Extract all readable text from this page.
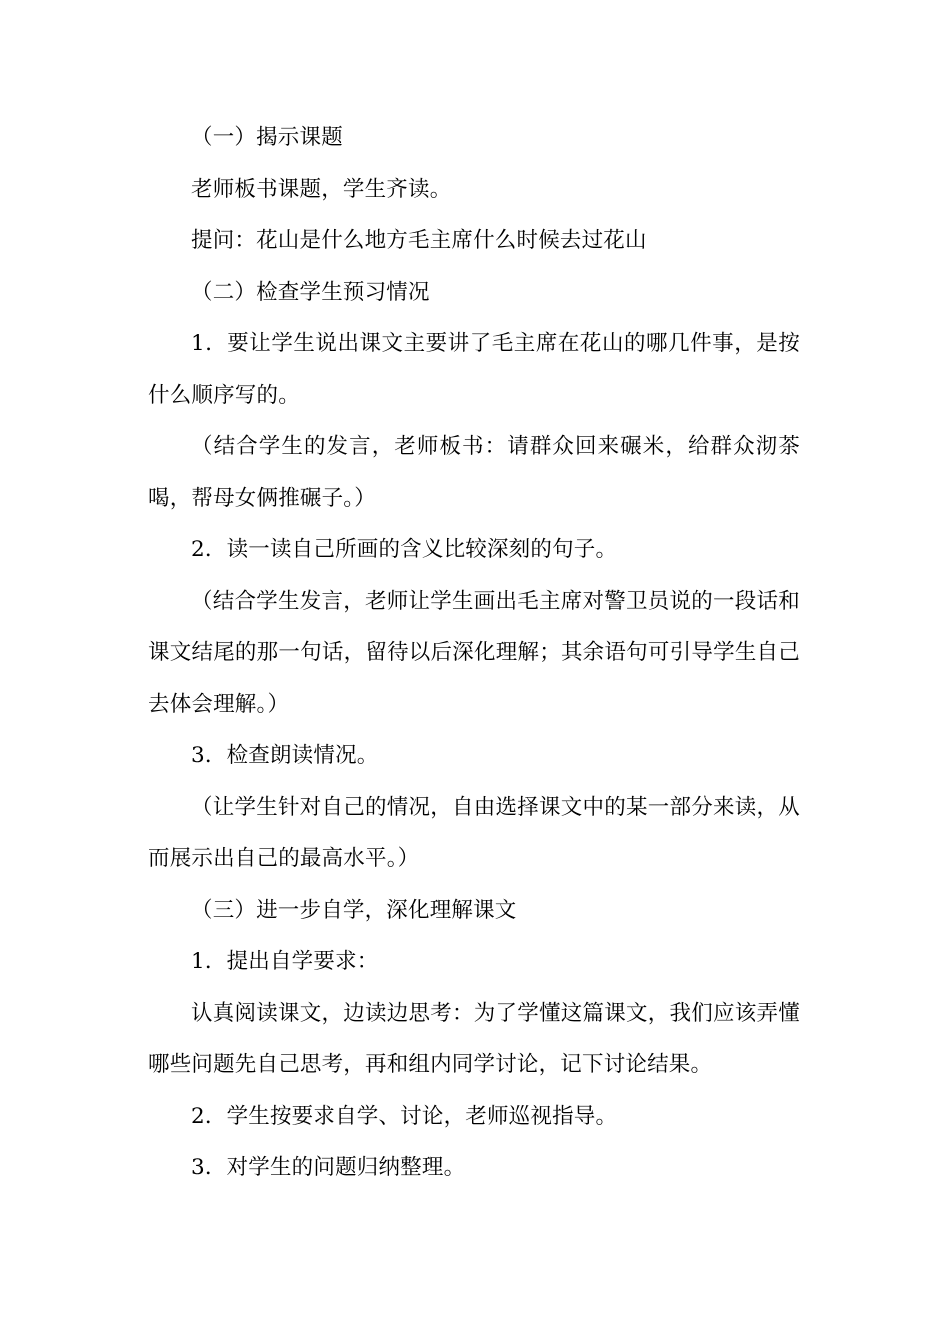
（一）揭示课题

老师板书课题，学生齐读。

提问：花山是什么地方毛主席什么时候去过花山

（二）检查学生预习情况

1．要让学生说出课文主要讲了毛主席在花山的哪几件事，是按什么顺序写的。

（结合学生的发言，老师板书：请群众回来碾米，给群众沏茶喝，帮母女俩推碾子。）

2．读一读自己所画的含义比较深刻的句子。

（结合学生发言，老师让学生画出毛主席对警卫员说的一段话和课文结尾的那一句话，留待以后深化理解；其余语句可引导学生自己去体会理解。）

3．检查朗读情况。

（让学生针对自己的情况，自由选择课文中的某一部分来读，从而展示出自己的最高水平。）

（三）进一步自学，深化理解课文

1．提出自学要求：

认真阅读课文，边读边思考：为了学懂这篇课文，我们应该弄懂哪些问题先自己思考，再和组内同学讨论，记下讨论结果。

2．学生按要求自学、讨论，老师巡视指导。

3．对学生的问题归纳整理。
